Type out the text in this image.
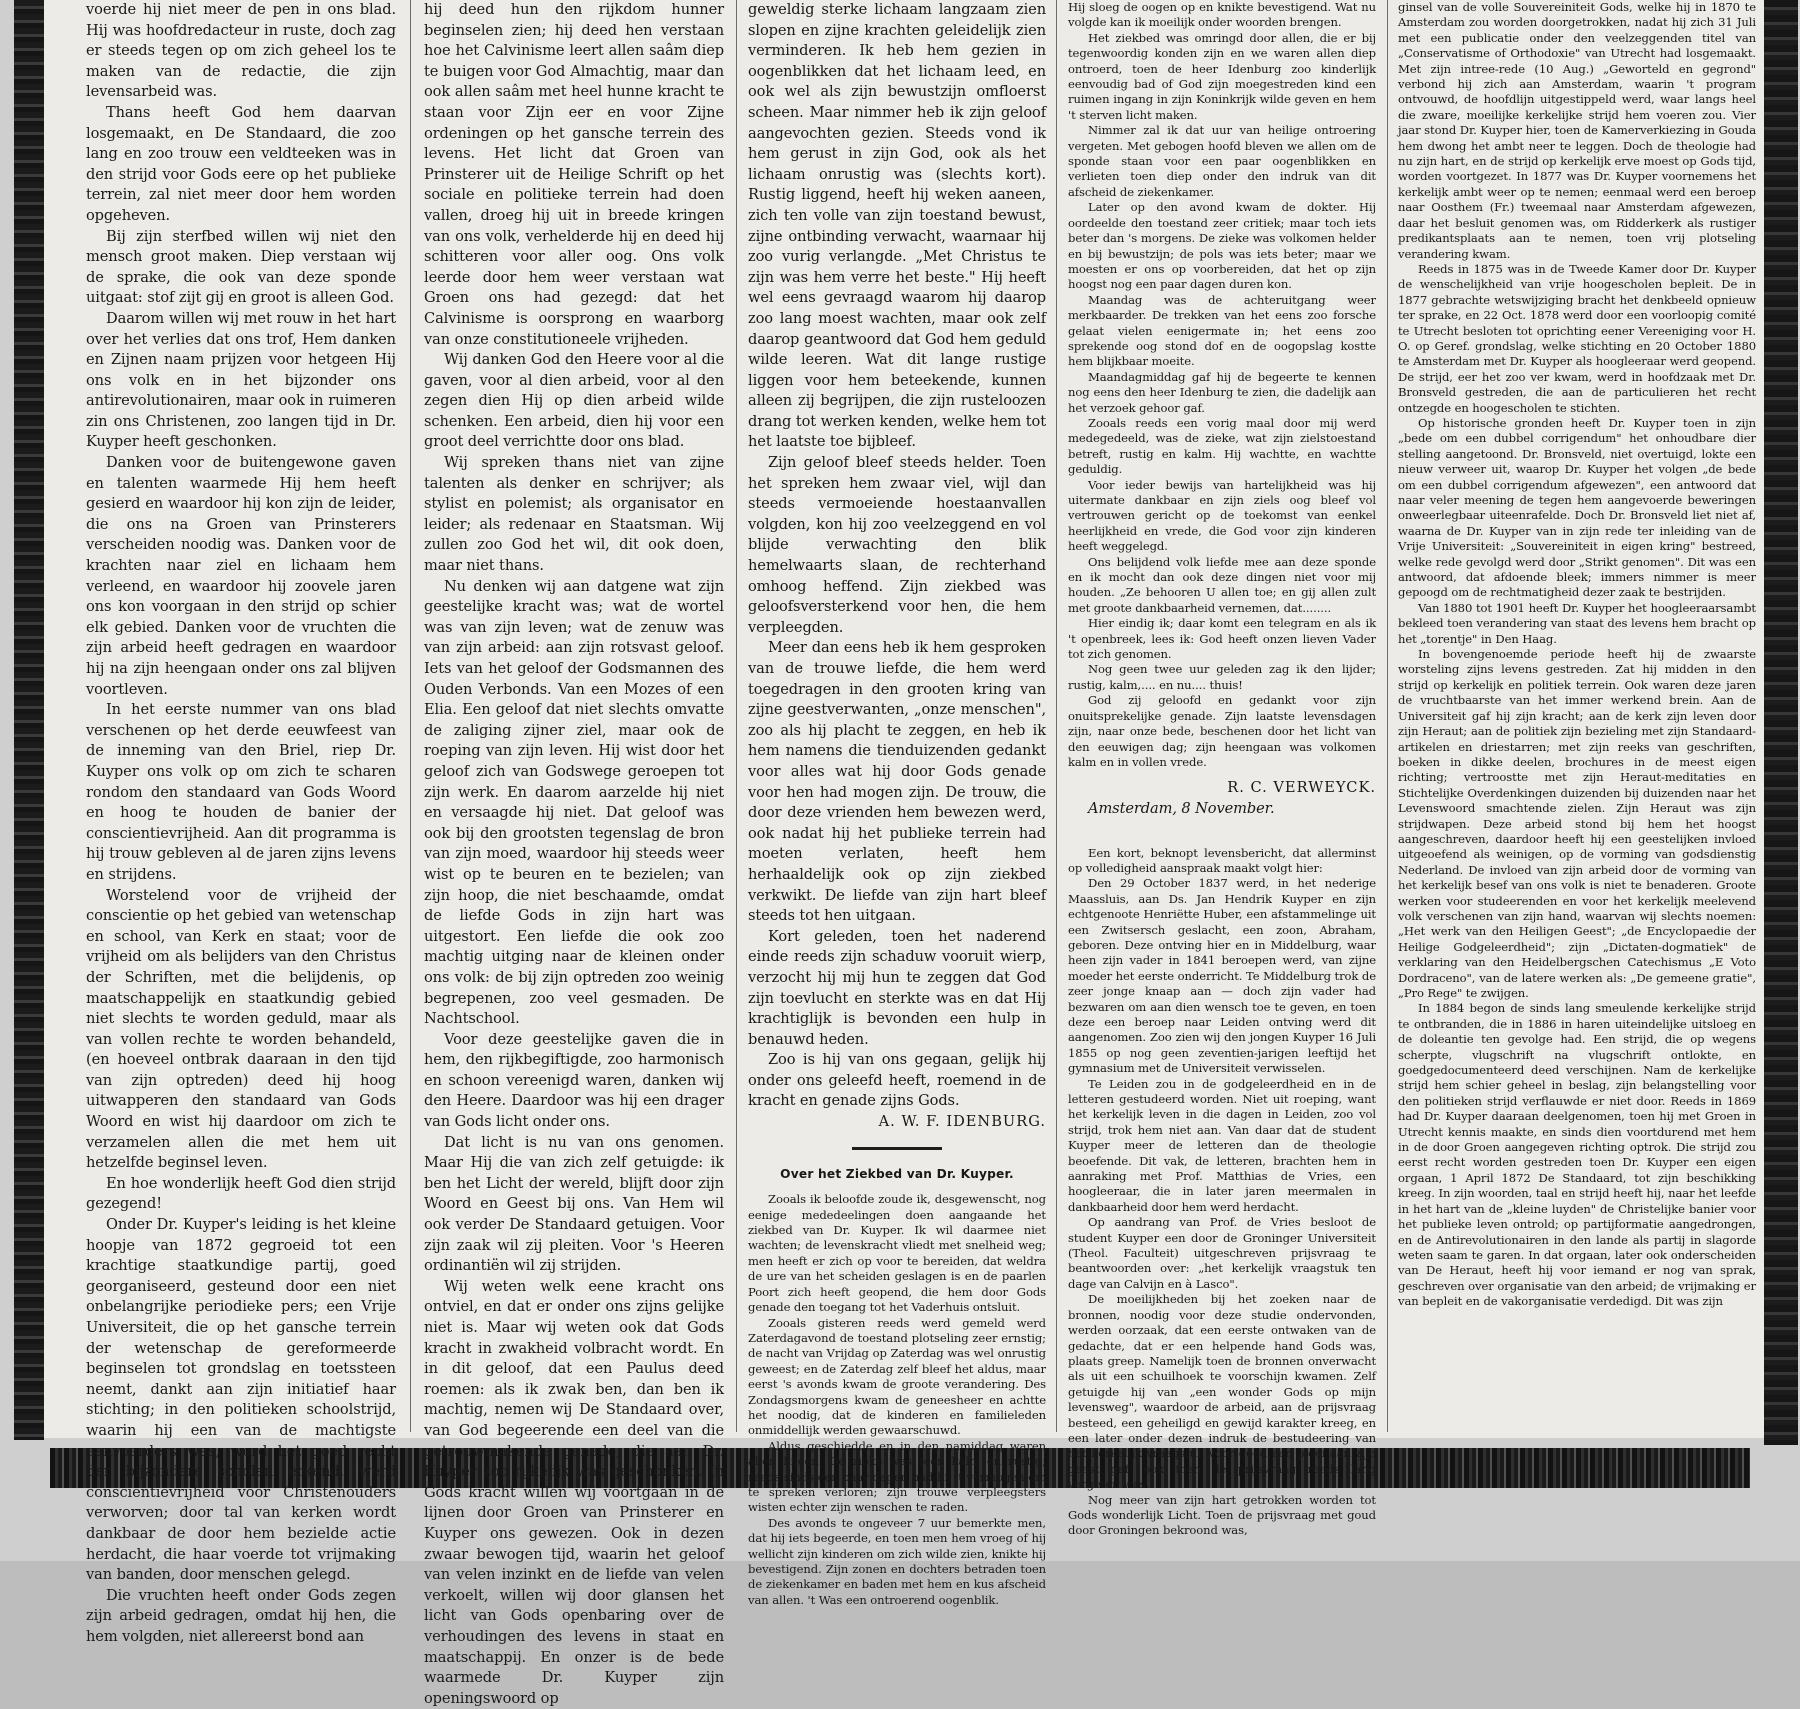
voerde hij niet meer de pen in ons blad. Hij was hoofdredacteur in ruste, doch zag er steeds tegen op om zich geheel los te maken van de redactie, die zijn levensarbeid was.

Thans heeft God hem daarvan losgemaakt, en De Standaard, die zoo lang en zoo trouw een veldteeken was in den strijd voor Gods eere op het publieke terrein, zal niet meer door hem worden opgeheven.

Bij zijn sterfbed willen wij niet den mensch groot maken. Diep verstaan wij de sprake, die ook van deze sponde uitgaat: stof zijt gij en groot is alleen God.

Daarom willen wij met rouw in het hart over het verlies dat ons trof, Hem danken en Zijnen naam prijzen voor hetgeen Hij ons volk en in het bijzonder ons antirevolutionairen, maar ook in ruimeren zin ons Christenen, zoo langen tijd in Dr. Kuyper heeft geschonken.

Danken voor de buitengewone gaven en talenten waarmede Hij hem heeft gesierd en waardoor hij kon zijn de leider, die ons na Groen van Prinsterers verscheiden noodig was. Danken voor de krachten naar ziel en lichaam hem verleend, en waardoor hij zoovele jaren ons kon voorgaan in den strijd op schier elk gebied. Danken voor de vruchten die zijn arbeid heeft gedragen en waardoor hij na zijn heengaan onder ons zal blijven voortleven.

In het eerste nummer van ons blad verschenen op het derde eeuwfeest van de inneming van den Briel, riep Dr. Kuyper ons volk op om zich te scharen rondom den standaard van Gods Woord en hoog te houden de banier der conscientievrijheid. Aan dit programma is hij trouw gebleven al de jaren zijns levens en strijdens.

Worstelend voor de vrijheid der conscientie op het gebied van wetenschap en school, van Kerk en staat; voor de vrijheid om als belijders van den Christus der Schriften, met die belijdenis, op maatschappelijk en staatkundig gebied niet slechts te worden geduld, maar als van vollen rechte te worden behandeld, (en hoeveel ontbrak daaraan in den tijd van zijn optreden) deed hij hoog uitwapperen den standaard van Gods Woord en wist hij daardoor om zich te verzamelen allen die met hem uit hetzelfde beginsel leven.

En hoe wonderlijk heeft God dien strijd gezegend!

Onder Dr. Kuyper's leiding is het kleine hoopje van 1872 gegroeid tot een krachtige staatkundige partij, goed georganiseerd, gesteund door een niet onbelangrijke periodieke pers; een Vrije Universiteit, die op het gansche terrein der wetenschap de gereformeerde beginselen tot grondslag en toetssteen neemt, dankt aan zijn initiatief haar stichting; in den politieken schoolstrijd, waarin hij een van de machtigste aanvoerders was, werd het goed recht der bijzondere scholen erkend, werd conscientievrijheid voor Christenouders verworven; door tal van kerken wordt dankbaar de door hem bezielde actie herdacht, die haar voerde tot vrijmaking van banden, door menschen gelegd.

Die vruchten heeft onder Gods zegen zijn arbeid gedragen, omdat hij hen, die hem volgden, niet allereerst bond aan

hij deed hun den rijkdom hunner beginselen zien; hij deed hen verstaan hoe het Calvinisme leert allen saâm diep te buigen voor God Almachtig, maar dan ook allen saâm met heel hunne kracht te staan voor Zijn eer en voor Zijne ordeningen op het gansche terrein des levens. Het licht dat Groen van Prinsterer uit de Heilige Schrift op het sociale en politieke terrein had doen vallen, droeg hij uit in breede kringen van ons volk, verhelderde hij en deed hij schitteren voor aller oog. Ons volk leerde door hem weer verstaan wat Groen ons had gezegd: dat het Calvinisme is oorsprong en waarborg van onze constitutioneele vrijheden.

Wij danken God den Heere voor al die gaven, voor al dien arbeid, voor al den zegen dien Hij op dien arbeid wilde schenken. Een arbeid, dien hij voor een groot deel verrichtte door ons blad.

Wij spreken thans niet van zijne talenten als denker en schrijver; als stylist en polemist; als organisator en leider; als redenaar en Staatsman. Wij zullen zoo God het wil, dit ook doen, maar niet thans.

Nu denken wij aan datgene wat zijn geestelijke kracht was; wat de wortel was van zijn leven; wat de zenuw was van zijn arbeid: aan zijn rotsvast geloof. Iets van het geloof der Godsmannen des Ouden Verbonds. Van een Mozes of een Elia. Een geloof dat niet slechts omvatte de zaliging zijner ziel, maar ook de roeping van zijn leven. Hij wist door het geloof zich van Godswege geroepen tot zijn werk. En daarom aarzelde hij niet en versaagde hij niet. Dat geloof was ook bij den grootsten tegenslag de bron van zijn moed, waardoor hij steeds weer wist op te beuren en te bezielen; van zijn hoop, die niet beschaamde, omdat de liefde Gods in zijn hart was uitgestort. Een liefde die ook zoo machtig uitging naar de kleinen onder ons volk: de bij zijn optreden zoo weinig begrepenen, zoo veel gesmaden. De Nachtschool.

Voor deze geestelijke gaven die in hem, den rijkbegiftigde, zoo harmonisch en schoon vereenigd waren, danken wij den Heere. Daardoor was hij een drager van Gods licht onder ons.

Dat licht is nu van ons genomen. Maar Hij die van zich zelf getuigde: ik ben het Licht der wereld, blijft door zijn Woord en Geest bij ons. Van Hem wil ook verder De Standaard getuigen. Voor zijn zaak wil zij pleiten. Voor 's Heeren ordinantiën wil zij strijden.

Wij weten welk eene kracht ons ontviel, en dat er onder ons zijns gelijke niet is. Maar wij weten ook dat Gods kracht in zwakheid volbracht wordt. En in dit geloof, dat een Paulus deed roemen: als ik zwak ben, dan ben ik machtig, nemen wij De Standaard over, van God begeerende een deel van die getrouwmakende genade, die aan Dr. Kuyper zoo rijkelijk was geschonken. In Gods kracht willen wij voortgaan in de lijnen door Groen van Prinsterer en Kuyper ons gewezen. Ook in dezen zwaar bewogen tijd, waarin het geloof van velen inzinkt en de liefde van velen verkoelt, willen wij door glansen het licht van Gods openbaring over de verhoudingen des levens in staat en maatschappij. En onzer is de bede waarmede Dr. Kuyper zijn openingswoord op

geweldig sterke lichaam langzaam zien slopen en zijne krachten geleidelijk zien verminderen. Ik heb hem gezien in oogenblikken dat het lichaam leed, en ook wel als zijn bewustzijn omfloerst scheen. Maar nimmer heb ik zijn geloof aangevochten gezien. Steeds vond ik hem gerust in zijn God, ook als het lichaam onrustig was (slechts kort). Rustig liggend, heeft hij weken aaneen, zich ten volle van zijn toestand bewust, zijne ontbinding verwacht, waarnaar hij zoo vurig verlangde. „Met Christus te zijn was hem verre het beste." Hij heeft wel eens gevraagd waarom hij daarop zoo lang moest wachten, maar ook zelf daarop geantwoord dat God hem geduld wilde leeren. Wat dit lange rustige liggen voor hem beteekende, kunnen alleen zij begrijpen, die zijn rusteloozen drang tot werken kenden, welke hem tot het laatste toe bijbleef.

Zijn geloof bleef steeds helder. Toen het spreken hem zwaar viel, wijl dan steeds vermoeiende hoestaanvallen volgden, kon hij zoo veelzeggend en vol blijde verwachting den blik hemelwaarts slaan, de rechterhand omhoog heffend. Zijn ziekbed was geloofsversterkend voor hen, die hem verpleegden.

Meer dan eens heb ik hem gesproken van de trouwe liefde, die hem werd toegedragen in den grooten kring van zijne geestverwanten, „onze menschen", zoo als hij placht te zeggen, en heb ik hem namens die tienduizenden gedankt voor alles wat hij door Gods genade voor hen had mogen zijn. De trouw, die door deze vrienden hem bewezen werd, ook nadat hij het publieke terrein had moeten verlaten, heeft hem herhaaldelijk ook op zijn ziekbed verkwikt. De liefde van zijn hart bleef steeds tot hen uitgaan.

Kort geleden, toen het naderend einde reeds zijn schaduw vooruit wierp, verzocht hij mij hun te zeggen dat God zijn toevlucht en sterkte was en dat Hij krachtiglijk is bevonden een hulp in benauwd heden.

Zoo is hij van ons gegaan, gelijk hij onder ons geleefd heeft, roemend in de kracht en genade zijns Gods.

A. W. F. IDENBURG.

Over het Ziekbed van Dr. Kuyper.

Zooals ik beloofde zoude ik, desgewenscht, nog eenige mededeelingen doen aangaande het ziekbed van Dr. Kuyper. Ik wil daarmee niet wachten; de levenskracht vliedt met snelheid weg; men heeft er zich op voor te bereiden, dat weldra de ure van het scheiden geslagen is en de paarlen Poort zich heeft geopend, die hem door Gods genade den toegang tot het Vaderhuis ontsluit.

Zooals gisteren reeds werd gemeld werd Zaterdagavond de toestand plotseling zeer ernstig; de nacht van Vrijdag op Zaterdag was wel onrustig geweest; en de Zaterdag zelf bleef het aldus, maar eerst 's avonds kwam de groote verandering. Des Zondagsmorgens kwam de geneesheer en achtte het noodig, dat de kinderen en familieleden onmiddellijk werden gewaarschuwd.

Aldus geschiedde en in den namiddag waren allen bijeen. De zieke was toen kalm en rustig; reeds sinds een paar dagen had hij 't vermogen om te spreken verloren; zijn trouwe verpleegsters wisten echter zijn wenschen te raden.

Des avonds te ongeveer 7 uur bemerkte men, dat hij iets begeerde, en toen men hem vroeg of hij wellicht zijn kinderen om zich wilde zien, knikte hij bevestigend. Zijn zonen en dochters betraden toen de ziekenkamer en baden met hem en kus afscheid van allen. 't Was een ontroerend oogenblik.

Hij sloeg de oogen op en knikte bevestigend. Wat nu volgde kan ik moeilijk onder woorden brengen.

Het ziekbed was omringd door allen, die er bij tegenwoordig konden zijn en we waren allen diep ontroerd, toen de heer Idenburg zoo kinderlijk eenvoudig bad of God zijn moegestreden kind een ruimen ingang in zijn Koninkrijk wilde geven en hem 't sterven licht maken.

Nimmer zal ik dat uur van heilige ontroering vergeten. Met gebogen hoofd bleven we allen om de sponde staan voor een paar oogenblikken en verlieten toen diep onder den indruk van dit afscheid de ziekenkamer.

Later op den avond kwam de dokter. Hij oordeelde den toestand zeer critiek; maar toch iets beter dan 's morgens. De zieke was volkomen helder en bij bewustzijn; de pols was iets beter; maar we moesten er ons op voorbereiden, dat het op zijn hoogst nog een paar dagen duren kon.

Maandag was de achteruitgang weer merkbaarder. De trekken van het eens zoo forsche gelaat vielen eenigermate in; het eens zoo sprekende oog stond dof en de oogopslag kostte hem blijkbaar moeite.

Maandagmiddag gaf hij de begeerte te kennen nog eens den heer Idenburg te zien, die dadelijk aan het verzoek gehoor gaf.

Zooals reeds een vorig maal door mij werd medegedeeld, was de zieke, wat zijn zielstoestand betreft, rustig en kalm. Hij wachtte, en wachtte geduldig.

Voor ieder bewijs van hartelijkheid was hij uitermate dankbaar en zijn ziels oog bleef vol vertrouwen gericht op de toekomst van eenkel heerlijkheid en vrede, die God voor zijn kinderen heeft weggelegd.

Ons belijdend volk liefde mee aan deze sponde en ik mocht dan ook deze dingen niet voor mij houden. „Ze behooren U allen toe; en gij allen zult met groote dankbaarheid vernemen, dat........

Hier eindig ik; daar komt een telegram en als ik 't openbreek, lees ik: God heeft onzen lieven Vader tot zich genomen.

Nog geen twee uur geleden zag ik den lijder; rustig, kalm,.... en nu.... thuis!

God zij geloofd en gedankt voor zijn onuitsprekelijke genade. Zijn laatste levensdagen zijn, naar onze bede, beschenen door het licht van den eeuwigen dag; zijn heengaan was volkomen kalm en in vollen vrede.

R. C. VERWEYCK.

Amsterdam, 8 November.

Een kort, beknopt levensbericht, dat allerminst op volledigheid aanspraak maakt volgt hier:

Den 29 October 1837 werd, in het nederige Maassluis, aan Ds. Jan Hendrik Kuyper en zijn echtgenoote Henriëtte Huber, een afstammelinge uit een Zwitsersch geslacht, een zoon, Abraham, geboren. Deze ontving hier en in Middelburg, waar heen zijn vader in 1841 beroepen werd, van zijne moeder het eerste onderricht. Te Middelburg trok de zeer jonge knaap aan — doch zijn vader had bezwaren om aan dien wensch toe te geven, en toen deze een beroep naar Leiden ontving werd dit aangenomen. Zoo zien wij den jongen Kuyper 16 Juli 1855 op nog geen zeventien-jarigen leeftijd het gymnasium met de Universiteit verwisselen.

Te Leiden zou in de godgeleerdheid en in de letteren gestudeerd worden. Niet uit roeping, want het kerkelijk leven in die dagen in Leiden, zoo vol strijd, trok hem niet aan. Van daar dat de student Kuyper meer de letteren dan de theologie beoefende. Dit vak, de letteren, brachten hem in aanraking met Prof. Matthias de Vries, een hoogleeraar, die in later jaren meermalen in dankbaarheid door hem werd herdacht.

Op aandrang van Prof. de Vries besloot de student Kuyper een door de Groninger Universiteit (Theol. Faculteit) uitgeschreven prijsvraag te beantwoorden over: „het kerkelijk vraagstuk ten dage van Calvijn en à Lasco".

De moeilijkheden bij het zoeken naar de bronnen, noodig voor deze studie ondervonden, werden oorzaak, dat een eerste ontwaken van de gedachte, dat er een helpende hand Gods was, plaats greep. Namelijk toen de bronnen onverwacht als uit een schuilhoek te voorschijn kwamen. Zelf getuigde hij van „een wonder Gods op mijn levensweg", waardoor de arbeid, aan de prijsvraag besteed, een geheiligd en gewijd karakter kreeg, en een later onder dezen indruk de bestudeering van het kerkelijk vraagstuk voor goed een ploei aan zijn geest gaf, ook toen de prijsvraag reeds lang vergeten was.

Nog meer van zijn hart getrokken worden tot Gods wonderlijk Licht. Toen de prijsvraag met goud door Groningen bekroond was,

ginsel van de volle Souvereiniteit Gods, welke hij in 1870 te Amsterdam zou worden doorgetrokken, nadat hij zich 31 Juli met een publicatie onder den veelzeggenden titel van „Conservatisme of Orthodoxie" van Utrecht had losgemaakt. Met zijn intree-rede (10 Aug.) „Geworteld en gegrond" verbond hij zich aan Amsterdam, waarin 't program ontvouwd, de hoofdlijn uitgestippeld werd, waar langs heel die zware, moeilijke kerkelijke strijd hem voeren zou. Vier jaar stond Dr. Kuyper hier, toen de Kamerverkiezing in Gouda hem dwong het ambt neer te leggen. Doch de theologie had nu zijn hart, en de strijd op kerkelijk erve moest op Gods tijd, worden voortgezet. In 1877 was Dr. Kuyper voornemens het kerkelijk ambt weer op te nemen; eenmaal werd een beroep naar Oosthem (Fr.) tweemaal naar Amsterdam afgewezen, daar het besluit genomen was, om Ridderkerk als rustiger predikantsplaats aan te nemen, toen vrij plotseling verandering kwam.

Reeds in 1875 was in de Tweede Kamer door Dr. Kuyper de wenschelijkheid van vrije hoogescholen bepleit. De in 1877 gebrachte wetswijziging bracht het denkbeeld opnieuw ter sprake, en 22 Oct. 1878 werd door een voorloopig comité te Utrecht besloten tot oprichting eener Vereeniging voor H. O. op Geref. grondslag, welke stichting en 20 October 1880 te Amsterdam met Dr. Kuyper als hoogleeraar werd geopend. De strijd, eer het zoo ver kwam, werd in hoofdzaak met Dr. Bronsveld gestreden, die aan de particulieren het recht ontzegde en hoogescholen te stichten.

Op historische gronden heeft Dr. Kuyper toen in zijn „bede om een dubbel corrigendum" het onhoudbare dier stelling aangetoond. Dr. Bronsveld, niet overtuigd, lokte een nieuw verweer uit, waarop Dr. Kuyper het volgen „de bede om een dubbel corrigendum afgewezen", een antwoord dat naar veler meening de tegen hem aangevoerde beweringen onweerlegbaar uiteenrafelde. Doch Dr. Bronsveld liet niet af, waarna de Dr. Kuyper van in zijn rede ter inleiding van de Vrije Universiteit: „Souvereiniteit in eigen kring" bestreed, welke rede gevolgd werd door „Strikt genomen". Dit was een antwoord, dat afdoende bleek; immers nimmer is meer gepoogd om de rechtmatigheid dezer zaak te bestrijden.

Van 1880 tot 1901 heeft Dr. Kuyper het hoogleeraarsambt bekleed toen verandering van staat des levens hem bracht op het „torentje" in Den Haag.

In bovengenoemde periode heeft hij de zwaarste worsteling zijns levens gestreden. Zat hij midden in den strijd op kerkelijk en politiek terrein. Ook waren deze jaren de vruchtbaarste van het immer werkend brein. Aan de Universiteit gaf hij zijn kracht; aan de kerk zijn leven door zijn Heraut; aan de politiek zijn bezieling met zijn Standaard-artikelen en driestarren; met zijn reeks van geschriften, boeken in dikke deelen, brochures in de meest eigen richting; vertroostte met zijn Heraut-meditaties en Stichtelijke Overdenkingen duizenden bij duizenden naar het Levenswoord smachtende zielen. Zijn Heraut was zijn strijdwapen. Deze arbeid stond bij hem het hoogst aangeschreven, daardoor heeft hij een geestelijken invloed uitgeoefend als weinigen, op de vorming van godsdienstig Nederland. De invloed van zijn arbeid door de vorming van het kerkelijk besef van ons volk is niet te benaderen. Groote werken voor studeerenden en voor het kerkelijk meelevend volk verschenen van zijn hand, waarvan wij slechts noemen: „Het werk van den Heiligen Geest"; „de Encyclopaedie der Heilige Godgeleerdheid"; zijn „Dictaten-dogmatiek" de verklaring van den Heidelbergschen Catechismus „E Voto Dordraceno", van de latere werken als: „De gemeene gratie", „Pro Rege" te zwijgen.

In 1884 begon de sinds lang smeulende kerkelijke strijd te ontbranden, die in 1886 in haren uiteindelijke uitsloeg en de doleantie ten gevolge had. Een strijd, die op wegens scherpte, vlugschrift na vlugschrift ontlokte, en goedgedocumenteerd deed verschijnen. Nam de kerkelijke strijd hem schier geheel in beslag, zijn belangstelling voor den politieken strijd verflauwde er niet door. Reeds in 1869 had Dr. Kuyper daaraan deelgenomen, toen hij met Groen in Utrecht kennis maakte, en sinds dien voortdurend met hem in de door Groen aangegeven richting optrok. Die strijd zou eerst recht worden gestreden toen Dr. Kuyper een eigen orgaan, 1 April 1872 De Standaard, tot zijn beschikking kreeg. In zijn woorden, taal en strijd heeft hij, naar het leefde in het hart van de „kleine luyden" de Christelijke banier voor het publieke leven ontrold; op partijformatie aangedrongen, en de Antirevolutionairen in den lande als partij in slagorde weten saam te garen. In dat orgaan, later ook onderscheiden van De Heraut, heeft hij voor iemand er nog van sprak, geschreven over organisatie van den arbeid; de vrijmaking er van bepleit en de vakorganisatie verdedigd. Dit was zijn
